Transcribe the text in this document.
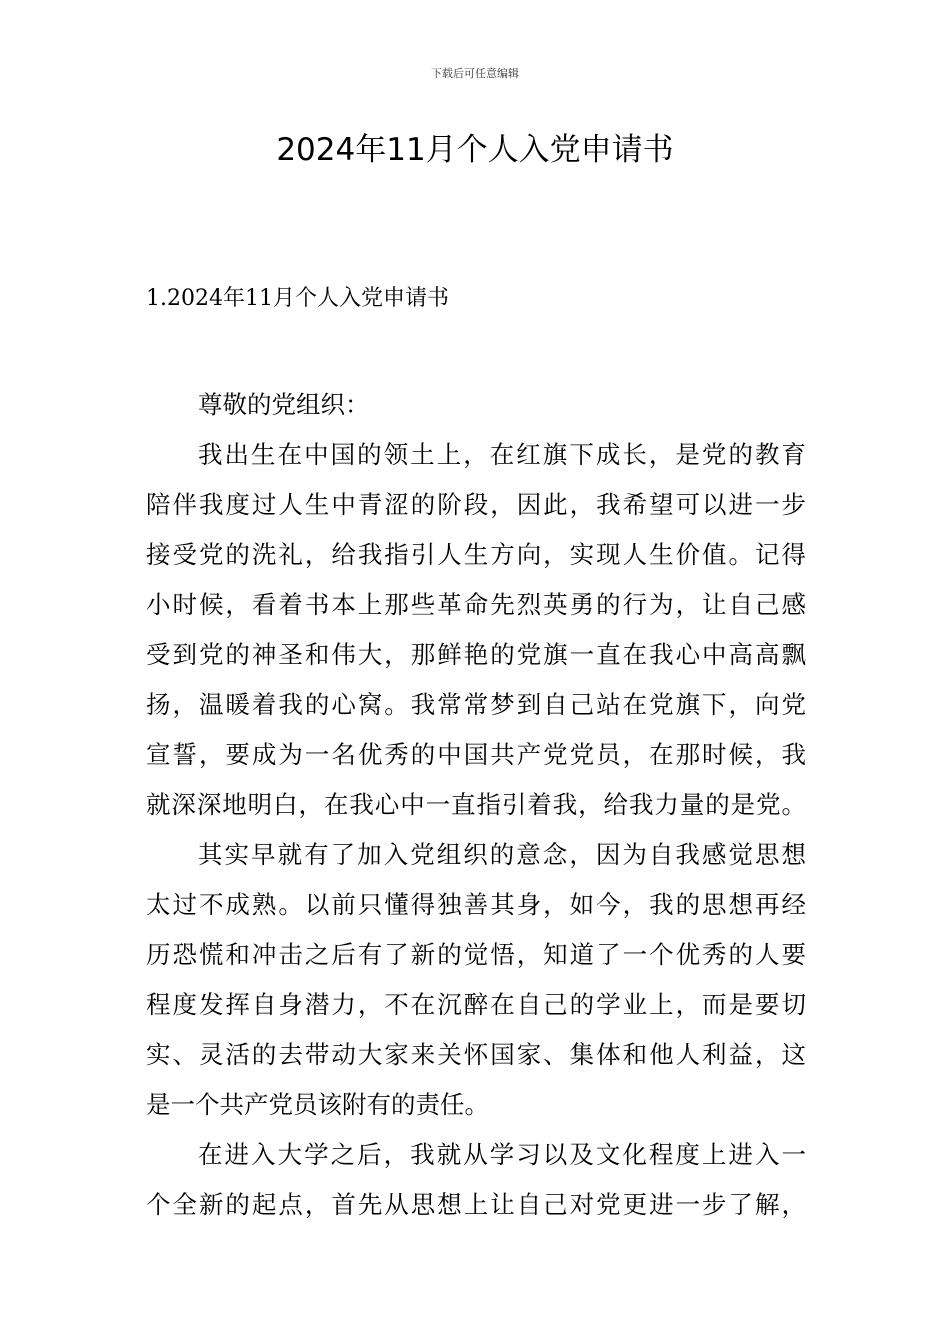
下载后可任意编辑
2024年11月个人入党申请书
1.2024年11月个人入党申请书
尊敬的党组织：
我出生在中国的领土上，在红旗下成长，是党的教育
陪伴我度过人生中青涩的阶段，因此，我希望可以进一步
接受党的洗礼，给我指引人生方向，实现人生价值。记得
小时候，看着书本上那些革命先烈英勇的行为，让自己感
受到党的神圣和伟大，那鲜艳的党旗一直在我心中高高飘
扬，温暖着我的心窝。我常常梦到自己站在党旗下，向党
宣誓，要成为一名优秀的中国共产党党员，在那时候，我
就深深地明白，在我心中一直指引着我，给我力量的是党。
其实早就有了加入党组织的意念，因为自我感觉思想
太过不成熟。以前只懂得独善其身，如今，我的思想再经
历恐慌和冲击之后有了新的觉悟，知道了一个优秀的人要
程度发挥自身潜力，不在沉醉在自己的学业上，而是要切
实、灵活的去带动大家来关怀国家、集体和他人利益，这
是一个共产党员该附有的责任。
在进入大学之后，我就从学习以及文化程度上进入一
个全新的起点，首先从思想上让自己对党更进一步了解，
